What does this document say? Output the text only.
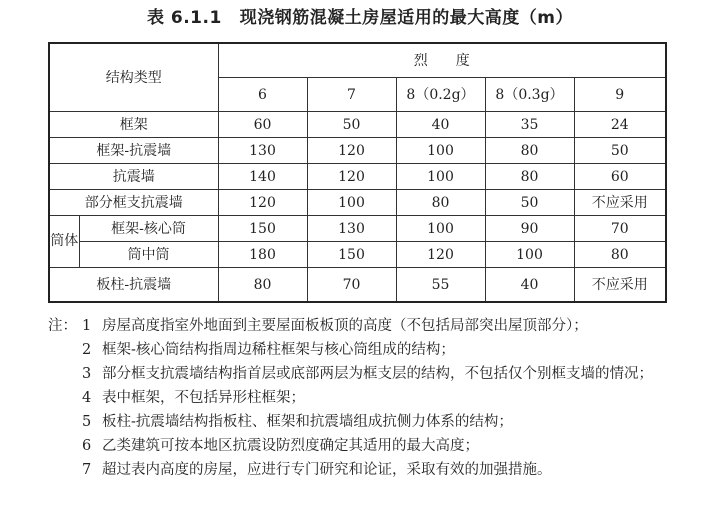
表 6.1.1 现浇钢筋混凝土房屋适用的最大高度（m）
结构类型		烈　　度				
		6	7	8（0.2g）	8（0.3g）	9
框架		60	50	40	35	24
框架-抗震墙		130	120	100	80	50
抗震墙		140	120	100	80	60
部分框支抗震墙		120	100	80	50	不应采用
筒体	框架-核心筒	150	130	100	90	70
	筒中筒	180	150	120	100	80
板柱-抗震墙		80	70	55	40	不应采用
注： 1 房屋高度指室外地面到主要屋面板板顶的高度（不包括局部突出屋顶部分）；
2 框架-核心筒结构指周边稀柱框架与核心筒组成的结构；
3 部分框支抗震墙结构指首层或底部两层为框支层的结构，不包括仅个别框支墙的情况；
4 表中框架，不包括异形柱框架；
5 板柱-抗震墙结构指板柱、框架和抗震墙组成抗侧力体系的结构；
6 乙类建筑可按本地区抗震设防烈度确定其适用的最大高度；
7 超过表内高度的房屋，应进行专门研究和论证，采取有效的加强措施。
